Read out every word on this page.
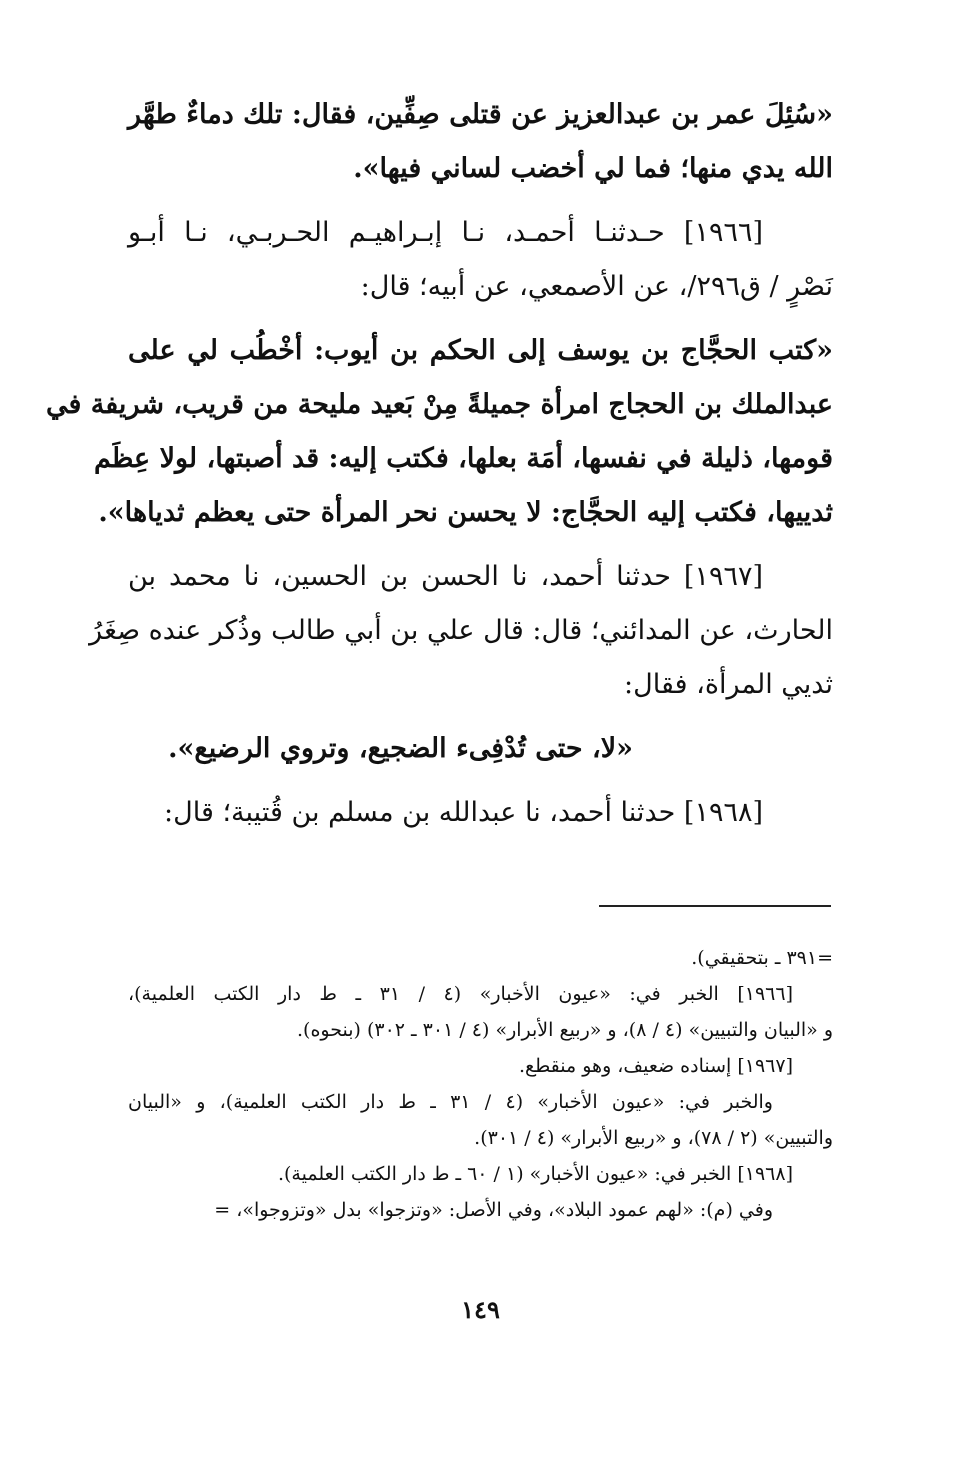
«سُئِلَ عمر بن عبدالعزيز عن قتلى صِفِّين، فقال: تلك دماءٌ طهَّر
الله يدي منها؛ فما لي أخضب لساني فيها».
[١٩٦٦] حـدثنـا أحمـد، نـا إبـراهيـم الحـربـي، نـا أبـو
نَصْرٍ / ق٢٩٦/، عن الأصمعي، عن أبيه؛ قال:
«كتب الحجَّاج بن يوسف إلى الحكم بن أيوب: أخْطُب لي على
عبدالملك بن الحجاج امرأة جميلةً مِنْ بَعيد مليحة من قريب، شريفة في
قومها، ذليلة في نفسها، أمَة بعلها، فكتب إليه: قد أصبتها، لولا عِظَم
ثدييها، فكتب إليه الحجَّاج: لا يحسن نحر المرأة حتى يعظم ثدياها».
[١٩٦٧] حدثنا أحمد، نا الحسن بن الحسين، نا محمد بن
الحارث، عن المدائني؛ قال: قال علي بن أبي طالب وذُكر عنده صِغَرُ
ثديي المرأة، فقال:
«لا، حتى تُدْفِىء الضجيع، وتروي الرضيع».
[١٩٦٨] حدثنا أحمد، نا عبدالله بن مسلم بن قُتيبة؛ قال:
=٣٩١ ـ بتحقيقي).
[١٩٦٦] الخبر في: «عيون الأخبار» (٤ / ٣١ ـ ط دار الكتب العلمية)،
و «البيان والتبيين» (٤ / ٨)، و «ربيع الأبرار» (٤ / ٣٠١ ـ ٣٠٢) (بنحوه).
[١٩٦٧] إسناده ضعيف، وهو منقطع.
والخبر في: «عيون الأخبار» (٤ / ٣١ ـ ط دار الكتب العلمية)، و «البيان
والتبيين» (٢ / ٧٨)، و «ربيع الأبرار» (٤ / ٣٠١).
[١٩٦٨] الخبر في: «عيون الأخبار» (١ / ٦٠ ـ ط دار الكتب العلمية).
وفي (م): «لهم عمود البلاد»، وفي الأصل: «وتزجوا» بدل «وتزوجوا»، =
١٤٩
